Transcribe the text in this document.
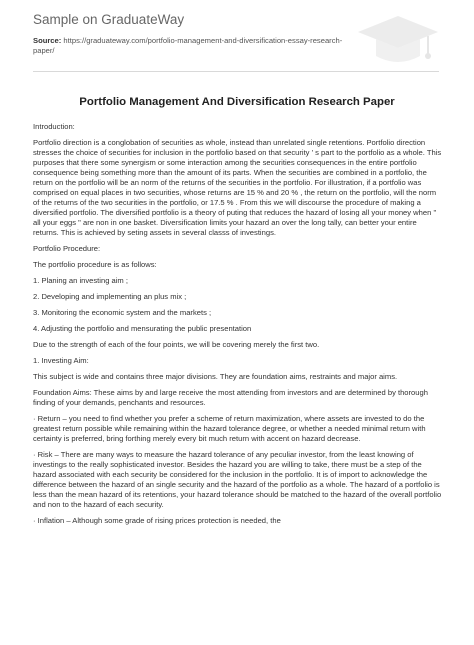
Sample on GraduateWay
Source: https://graduateway.com/portfolio-management-and-diversification-essay-research-paper/
Portfolio Management And Diversification Research Paper

Introduction:

Portfolio direction is a conglobation of securities as whole, instead than unrelated single retentions. Portfolio direction stresses the choice of securities for inclusion in the portfolio based on that security ' s part to the portfolio as a whole. This purposes that there some synergism or some interaction among the securities consequences in the entire portfolio consequence being something more than the amount of its parts. When the securities are combined in a portfolio, the return on the portfolio will be an norm of the returns of the securities in the portfolio. For illustration, if a portfolio was comprised on equal places in two securities, whose returns are 15 % and 20 % , the return on the portfolio, will the norm of the returns of the two securities in the portfolio, or 17.5 % . From this we will discourse the procedure of making a diversified portfolio. The diversified portfolio is a theory of puting that reduces the hazard of losing all your money when " all your eggs " are non in one basket. Diversification limits your hazard an over the long tally, can better your entire returns. This is achieved by seting assets in several classs of investings.

Portfolio Procedure:

The portfolio procedure is as follows:

1. Planing an investing aim ;

2. Developing and implementing an plus mix ;

3. Monitoring the economic system and the markets ;

4. Adjusting the portfolio and mensurating the public presentation

Due to the strength of each of the four points, we will be covering merely the first two.

1. Investing Aim:

This subject is wide and contains three major divisions. They are foundation aims, restraints and major aims.

Foundation Aims: These aims by and large receive the most attending from investors and are determined by thorough finding of your demands, penchants and resources.

· Return – you need to find whether you prefer a scheme of return maximization, where assets are invested to do the greatest return possible while remaining within the hazard tolerance degree, or whether a needed minimal return with certainty is preferred, bring forthing merely every bit much return with accent on hazard decrease.

· Risk – There are many ways to measure the hazard tolerance of any peculiar investor, from the least knowing of investings to the really sophisticated investor. Besides the hazard you are willing to take, there must be a step of the hazard associated with each security be considered for the inclusion in the portfolio. It is of import to acknowledge the difference between the hazard of an single security and the hazard of the portfolio as a whole. The hazard of a portfolio is less than the mean hazard of its retentions, your hazard tolerance should be matched to the hazard of the overall portfolio and non to the hazard of each security.

· Inflation – Although some grade of rising prices protection is needed, the
